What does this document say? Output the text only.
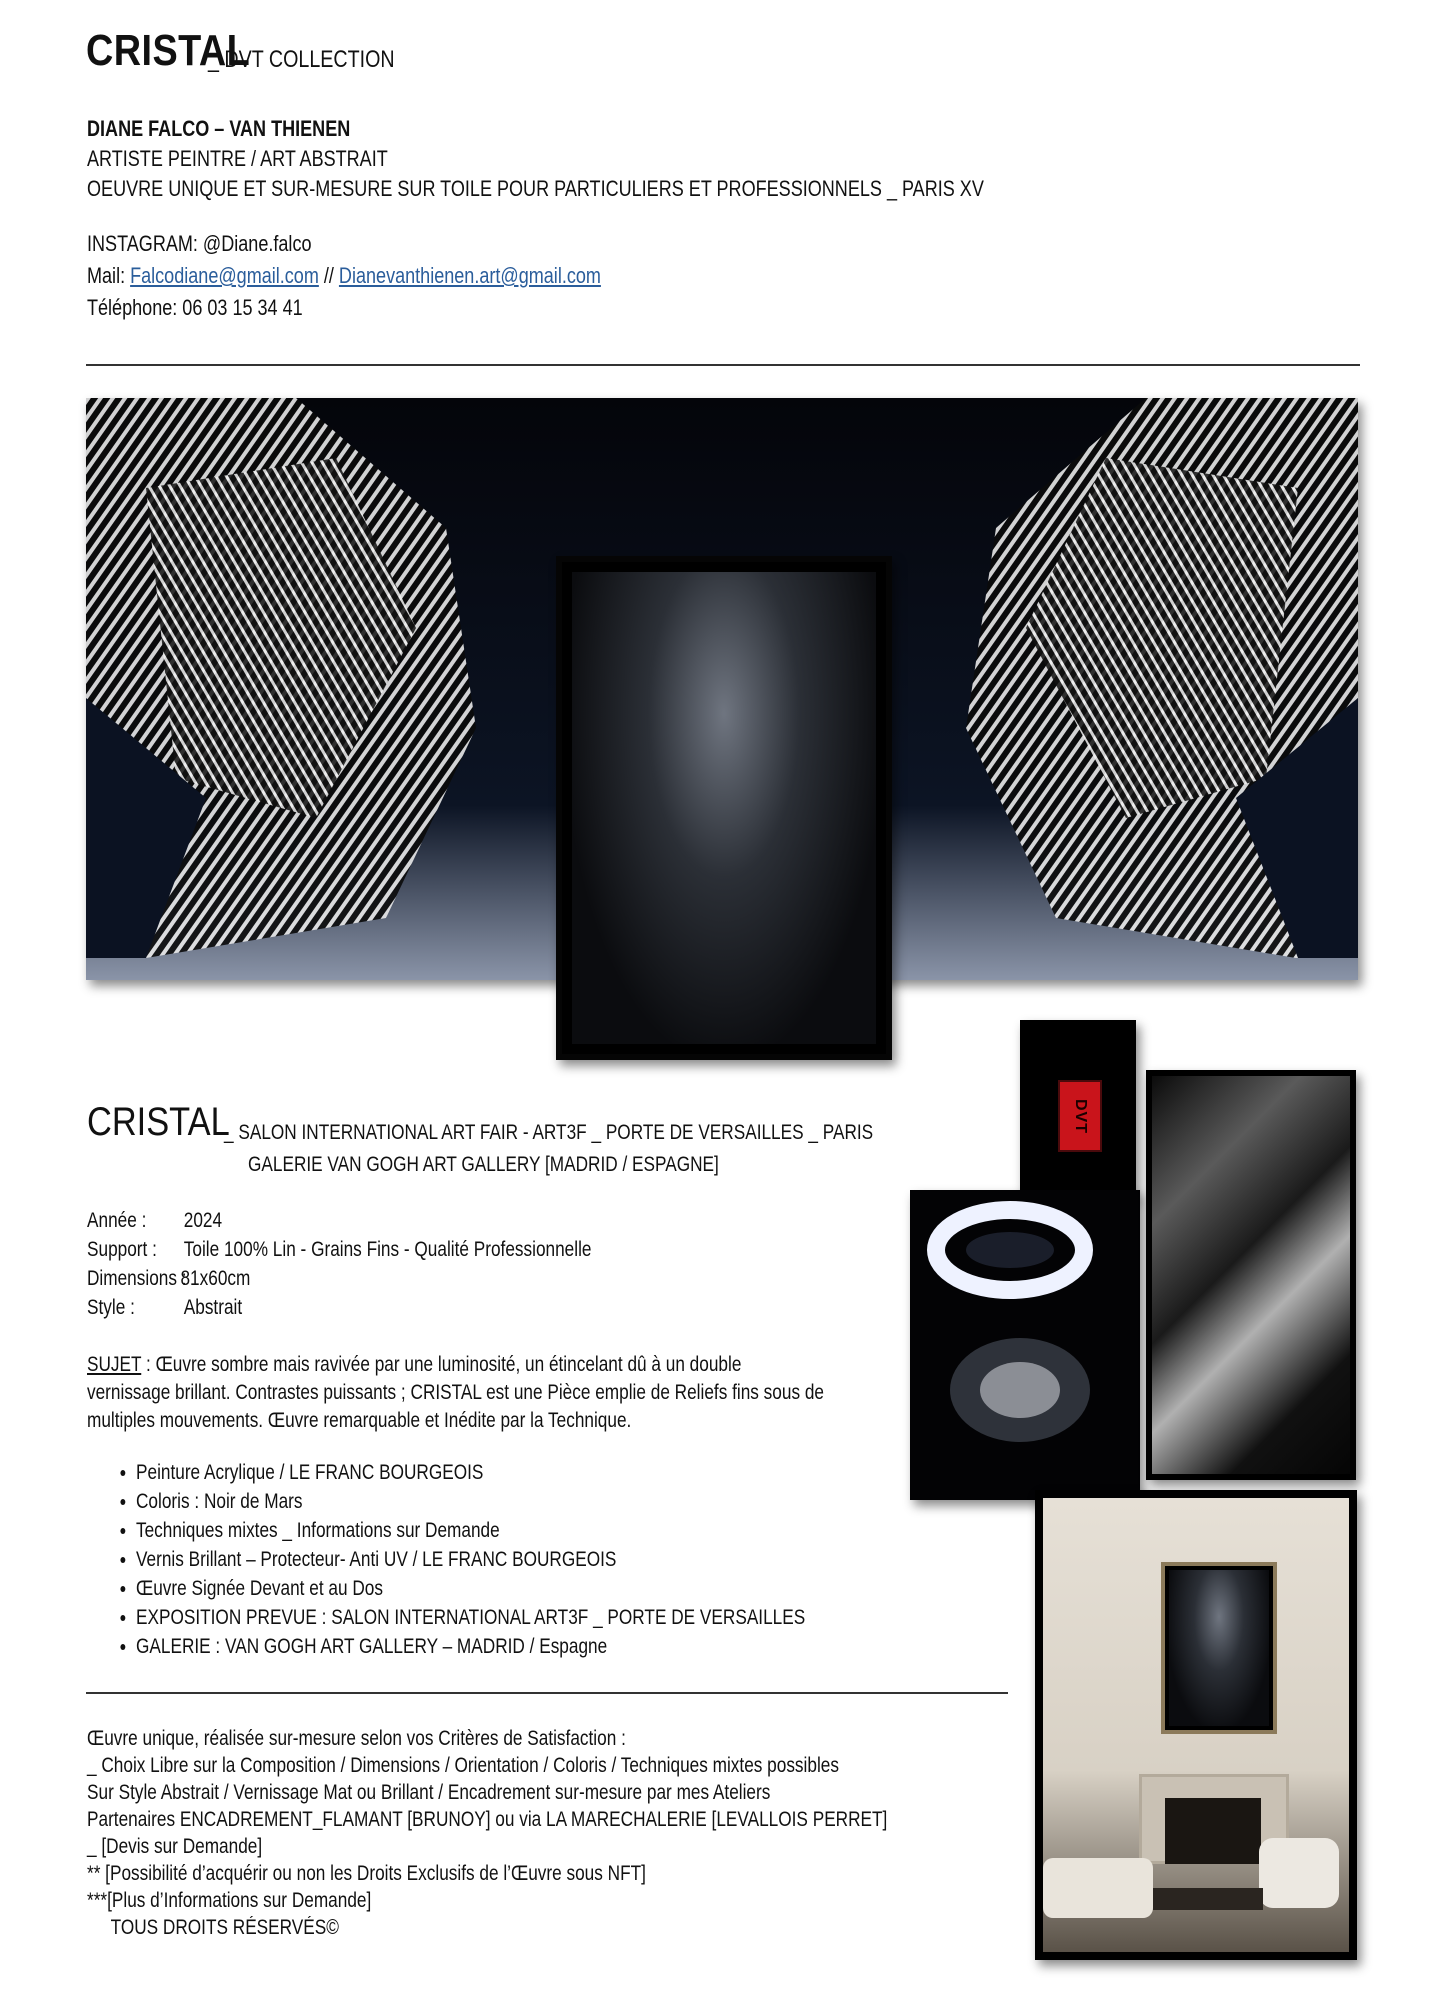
CRISTAL
_ DVT COLLECTION
DIANE FALCO – VAN THIENEN
ARTISTE PEINTRE / ART ABSTRAIT
OEUVRE UNIQUE ET SUR-MESURE SUR TOILE POUR PARTICULIERS ET PROFESSIONNELS _ PARIS XV
INSTAGRAM: @Diane.falco
Mail: Falcodiane@gmail.com // Dianevanthienen.art@gmail.com
Téléphone: 06 03 15 34 41
CRISTAL
_ SALON INTERNATIONAL ART FAIR - ART3F _ PORTE DE VERSAILLES _ PARIS
GALERIE VAN GOGH ART GALLERY [MADRID / ESPAGNE]
Année : 2024
Support : Toile 100% Lin - Grains Fins - Qualité Professionnelle
Dimensions :81x60cm
Style : Abstrait
SUJET : Œuvre sombre mais ravivée par une luminosité, un étincelant dû à un double
vernissage brillant. Contrastes puissants ; CRISTAL est une Pièce emplie de Reliefs fins sous de
multiples mouvements. Œuvre remarquable et Inédite par la Technique.
• Peinture Acrylique / LE FRANC BOURGEOIS
• Coloris : Noir de Mars
• Techniques mixtes _ Informations sur Demande
• Vernis Brillant – Protecteur- Anti UV / LE FRANC BOURGEOIS
• Œuvre Signée Devant et au Dos
• EXPOSITION PREVUE : SALON INTERNATIONAL ART3F _ PORTE DE VERSAILLES
• GALERIE : VAN GOGH ART GALLERY – MADRID / Espagne
Œuvre unique, réalisée sur-mesure selon vos Critères de Satisfaction :
_ Choix Libre sur la Composition / Dimensions / Orientation / Coloris / Techniques mixtes possibles
Sur Style Abstrait / Vernissage Mat ou Brillant / Encadrement sur-mesure par mes Ateliers
Partenaires ENCADREMENT_FLAMANT [BRUNOY] ou via LA MARECHALERIE [LEVALLOIS PERRET]
_ [Devis sur Demande]
** [Possibilité d’acquérir ou non les Droits Exclusifs de l’Œuvre sous NFT]
***[Plus d’Informations sur Demande]
TOUS DROITS RÉSERVÉS©
DVT
